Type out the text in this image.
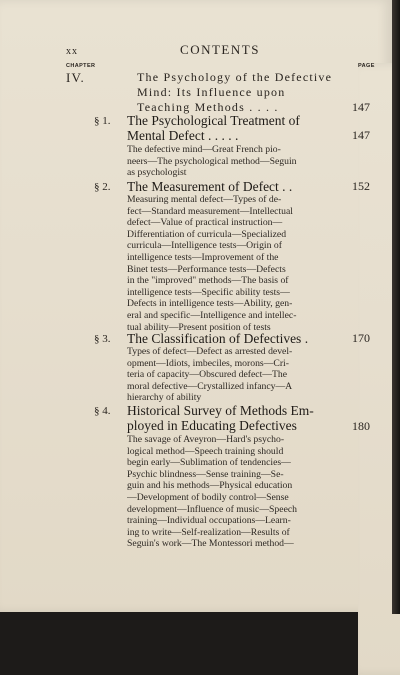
xx	CONTENTS
CHAPTER	PAGE
IV.	The Psychology of the Defective
Mind: Its Influence upon
Teaching Methods . . . .	147
§ 1. The Psychological Treatment of
Mental Defect . . . . .	147
The defective mind—Great French pio-
neers—The psychological method—Seguin
as psychologist
§ 2. The Measurement of Defect . .	152
Measuring mental defect—Types of de-
fect—Standard measurement—Intellectual
defect—Value of practical instruction—
Differentiation of curricula—Specialized
curricula—Intelligence tests—Origin of
intelligence tests—Improvement of the
Binet tests—Performance tests—Defects
in the "improved" methods—The basis of
intelligence tests—Specific ability tests—
Defects in intelligence tests—Ability, gen-
eral and specific—Intelligence and intellec-
tual ability—Present position of tests
§ 3. The Classification of Defectives .	170
Types of defect—Defect as arrested devel-
opment—Idiots, imbeciles, morons—Cri-
teria of capacity—Obscured defect—The
moral defective—Crystallized infancy—A
hierarchy of ability
§ 4. Historical Survey of Methods Em-
ployed in Educating Defectives	180
The savage of Aveyron—Hard's psycho-
logical method—Speech training should
begin early—Sublimation of tendencies—
Psychic blindness—Sense training—Se-
guin and his methods—Physical education
—Development of bodily control—Sense
development—Influence of music—Speech
training—Individual occupations—Learn-
ing to write—Self-realization—Results of
Seguin's work—The Montessori method—
